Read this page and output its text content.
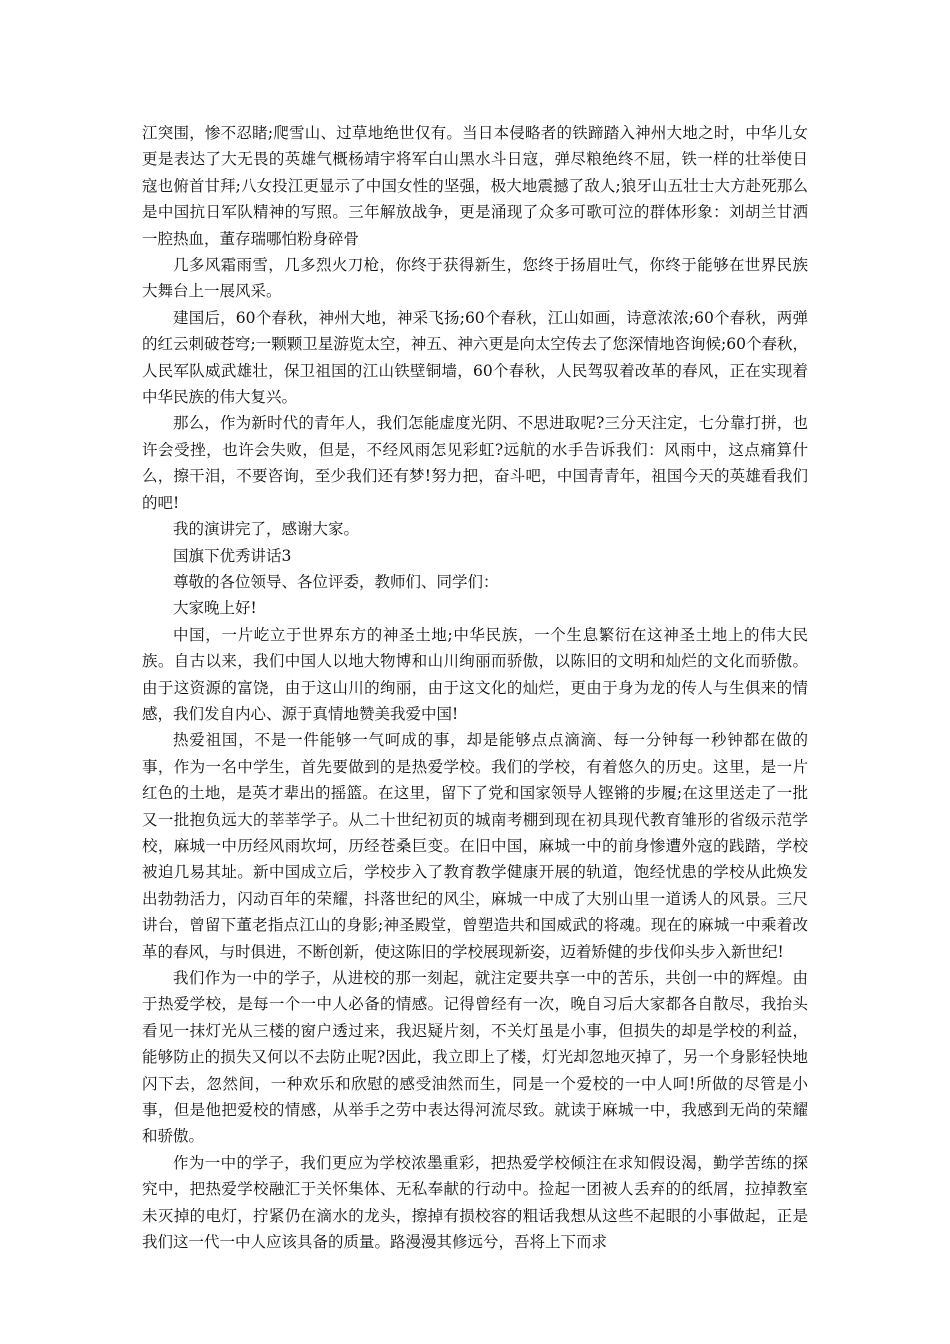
江突围，惨不忍睹;爬雪山、过草地绝世仅有。当日本侵略者的铁蹄踏入神州大地之时，中华儿女更是表达了大无畏的英雄气概杨靖宇将军白山黑水斗日寇，弹尽粮绝终不屈，铁一样的壮举使日寇也俯首甘拜;八女投江更显示了中国女性的坚强，极大地震撼了敌人;狼牙山五壮士大方赴死那么是中国抗日军队精神的写照。三年解放战争，更是涌现了众多可歌可泣的群体形象：刘胡兰甘洒一腔热血，董存瑞哪怕粉身碎骨

几多风霜雨雪，几多烈火刀枪，你终于获得新生，您终于扬眉吐气，你终于能够在世界民族大舞台上一展风采。

建国后，60个春秋，神州大地，神采飞扬;60个春秋，江山如画，诗意浓浓;60个春秋，两弹的红云刺破苍穹;一颗颗卫星游览太空，神五、神六更是向太空传去了您深情地咨询候;60个春秋，人民军队威武雄壮，保卫祖国的江山铁壁铜墙，60个春秋，人民驾驭着改革的春风，正在实现着中华民族的伟大复兴。

那么，作为新时代的青年人，我们怎能虚度光阴、不思进取呢?三分天注定，七分靠打拼，也许会受挫，也许会失败，但是，不经风雨怎见彩虹?远航的水手告诉我们：风雨中，这点痛算什么，擦干泪，不要咨询，至少我们还有梦!努力把，奋斗吧，中国青青年，祖国今天的英雄看我们的吧!

我的演讲完了，感谢大家。

国旗下优秀讲话3

尊敬的各位领导、各位评委，教师们、同学们：

大家晚上好!

中国，一片屹立于世界东方的神圣土地;中华民族，一个生息繁衍在这神圣土地上的伟大民族。自古以来，我们中国人以地大物博和山川绚丽而骄傲，以陈旧的文明和灿烂的文化而骄傲。由于这资源的富饶，由于这山川的绚丽，由于这文化的灿烂，更由于身为龙的传人与生俱来的情感，我们发自内心、源于真情地赞美我爱中国!

热爱祖国，不是一件能够一气呵成的事，却是能够点点滴滴、每一分钟每一秒钟都在做的事，作为一名中学生，首先要做到的是热爱学校。我们的学校，有着悠久的历史。这里，是一片红色的土地，是英才辈出的摇篮。在这里，留下了党和国家领导人铿锵的步履;在这里送走了一批又一批抱负远大的莘莘学子。从二十世纪初页的城南考棚到现在初具现代教育雏形的省级示范学校，麻城一中历经风雨坎坷，历经苍桑巨变。在旧中国，麻城一中的前身惨遭外寇的践踏，学校被迫几易其址。新中国成立后，学校步入了教育教学健康开展的轨道，饱经忧患的学校从此焕发出勃勃活力，闪动百年的荣耀，抖落世纪的风尘，麻城一中成了大别山里一道诱人的风景。三尺讲台，曾留下董老指点江山的身影;神圣殿堂，曾塑造共和国威武的将魂。现在的麻城一中乘着改革的春风，与时俱进，不断创新，使这陈旧的学校展现新姿，迈着矫健的步伐仰头步入新世纪!

我们作为一中的学子，从进校的那一刻起，就注定要共享一中的苦乐，共创一中的辉煌。由于热爱学校，是每一个一中人必备的情感。记得曾经有一次，晚自习后大家都各自散尽，我抬头看见一抹灯光从三楼的窗户透过来，我迟疑片刻，不关灯虽是小事，但损失的却是学校的利益，能够防止的损失又何以不去防止呢?因此，我立即上了楼，灯光却忽地灭掉了，另一个身影轻快地闪下去，忽然间，一种欢乐和欣慰的感受油然而生，同是一个爱校的一中人呵!所做的尽管是小事，但是他把爱校的情感，从举手之劳中表达得河流尽致。就读于麻城一中，我感到无尚的荣耀和骄傲。

作为一中的学子，我们更应为学校浓墨重彩，把热爱学校倾注在求知假设渴，勤学苦练的探究中，把热爱学校融汇于关怀集体、无私奉献的行动中。捡起一团被人丢弃的的纸屑，拉掉教室未灭掉的电灯，拧紧仍在滴水的龙头，擦掉有损校容的粗话我想从这些不起眼的小事做起，正是我们这一代一中人应该具备的质量。路漫漫其修远兮，吾将上下而求
